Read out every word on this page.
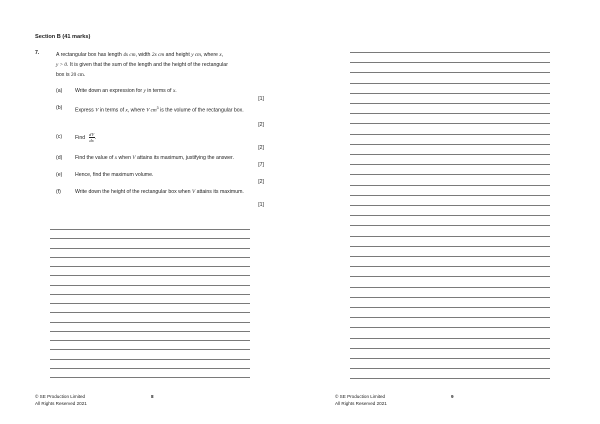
Section B (41 marks)
7.	A rectangular box has length 4x cm, width 2x cm and height y cm, where x,
y > 0. It is given that the sum of the length and the height of the rectangular
box is 20 cm.
(a) Write down an expression for y in terms of x.
[1]
(b) Express V in terms of x, where V $cm^3$ is the volume of the rectangular box.
[2]
(c) Find $\frac{dV}{dx}$ .
[2]
(d) Find the value of x when V attains its maximum, justifying the answer.
[7]
(e) Hence, find the maximum volume.
[2]
(f)	Write down the height of the rectangular box when V attains its maximum.
[1]
© SE Production Limited
All Rights Reserved 2021
8	© SE Production Limited
All Rights Reserved 2021
9
